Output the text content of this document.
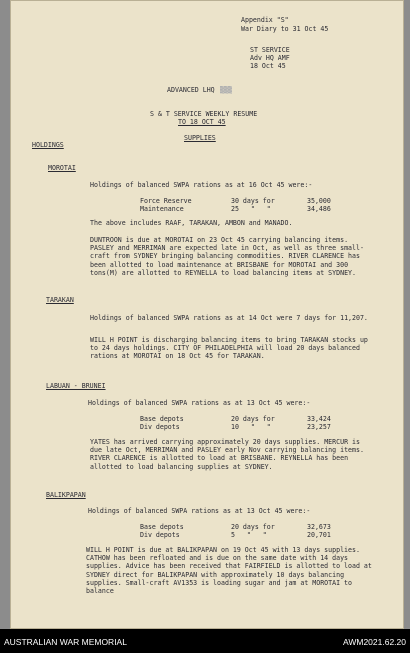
Appendix "S"
War Diary to 31 Oct 45
ST SERVICE
Adv HQ AMF
18 Oct 45
ADVANCED LHQ ▒▒▒
S & T SERVICE WEEKLY RESUME
TO 18 OCT 45
SUPPLIES
HOLDINGS
MOROTAI
Holdings of balanced SWPA rations as at 16 Oct 45 were:-
Force Reserve	30 days for	35,000
Maintenance	25   "   "	34,486
The above includes RAAF, TARAKAN, AMBON and MANADO.
DUNTROON is due at MOROTAI on 23 Oct 45 carrying balancing items. PASLEY and MERRIMAN are expected late in Oct, as well as three small-craft from SYDNEY bringing balancing commodities. RIVER CLARENCE has been allotted to load maintenance at BRISBANE for MOROTAI and 300 tons(M) are allotted to REYNELLA to load balancing items at SYDNEY.
TARAKAN
Holdings of balanced SWPA rations as at 14 Oct were 7 days for 11,207.
WILL H POINT is discharging balancing items to bring TARAKAN stocks up to 24 days holdings. CITY OF PHILADELPHIA will load 20 days balanced rations at MOROTAI on 18 Oct 45 for TARAKAN.
LABUAN - BRUNEI
Holdings of balanced SWPA rations as at 13 Oct 45 were:-
Base depots	20 days for	33,424
Div depots	10   "   "	23,257
YATES has arrived carrying approximately 20 days supplies. MERCUR is due late Oct, MERRIMAN and PASLEY early Nov carrying balancing items. RIVER CLARENCE is allotted to load at BRISBANE. REYNELLA has been allotted to load balancing supplies at SYDNEY.
BALIKPAPAN
Holdings of balanced SWPA rations as at 13 Oct 45 were:-
Base depots	20 days for	32,673
Div depots	5   "   "	20,701
WILL H POINT is due at BALIKPAPAN on 19 Oct 45 with 13 days supplies. CATHOW has been refloated and is due on the same date with 14 days supplies. Advice has been received that FAIRFIELD is allotted to load at SYDNEY direct for BALIKPAPAN with approximately 10 days balancing supplies. Small-craft AV1353 is loading sugar and jam at MOROTAI to balance
AUSTRALIAN WAR MEMORIAL	AWM2021.62.20
